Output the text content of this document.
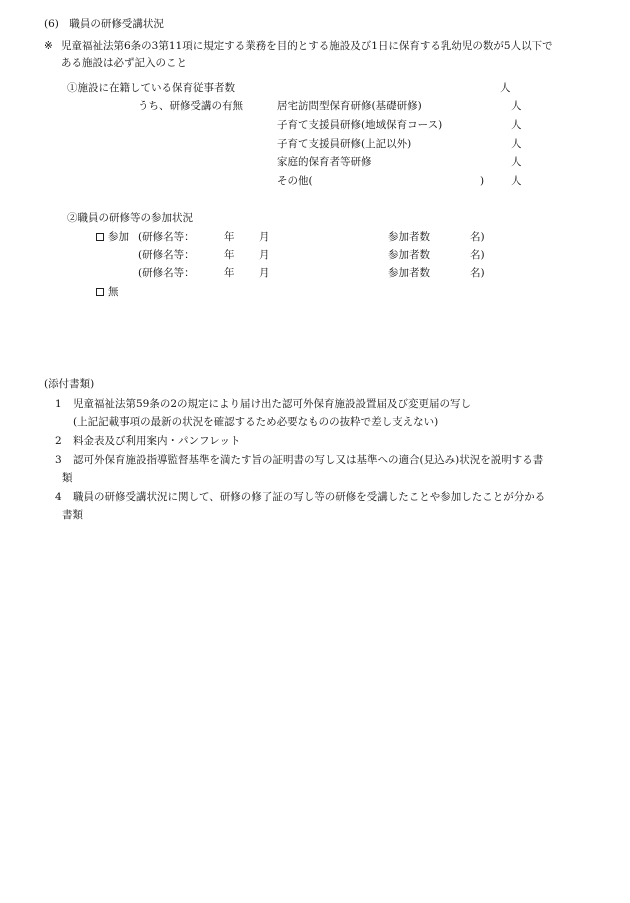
(6)　職員の研修受講状況
※ 児童福祉法第6条の3第11項に規定する業務を目的とする施設及び1日に保育する乳幼児の数が5人以下で
ある施設は必ず記入のこと
①施設に在籍している保育従事者数	人
うち、研修受講の有無	居宅訪問型保育研修(基礎研修)	人
子育て支援員研修(地域保育コース)	人
子育て支援員研修(上記以外)	人
家庭的保育者等研修	人
その他(	)	人
②職員の研修等の参加状況
参加 (研修名等：	年 月	参加者数	名)
(研修名等：	年 月	参加者数	名)
(研修名等：	年 月	参加者数	名)
無
(添付書類)
1 児童福祉法第59条の2の規定により届け出た認可外保育施設設置届及び変更届の写し
(上記記載事項の最新の状況を確認するため必要なものの抜粋で差し支えない)
2 料金表及び利用案内・パンフレット
3 認可外保育施設指導監督基準を満たす旨の証明書の写し又は基準への適合(見込み)状況を説明する書
類
4 職員の研修受講状況に関して、研修の修了証の写し等の研修を受講したことや参加したことが分かる
書類
